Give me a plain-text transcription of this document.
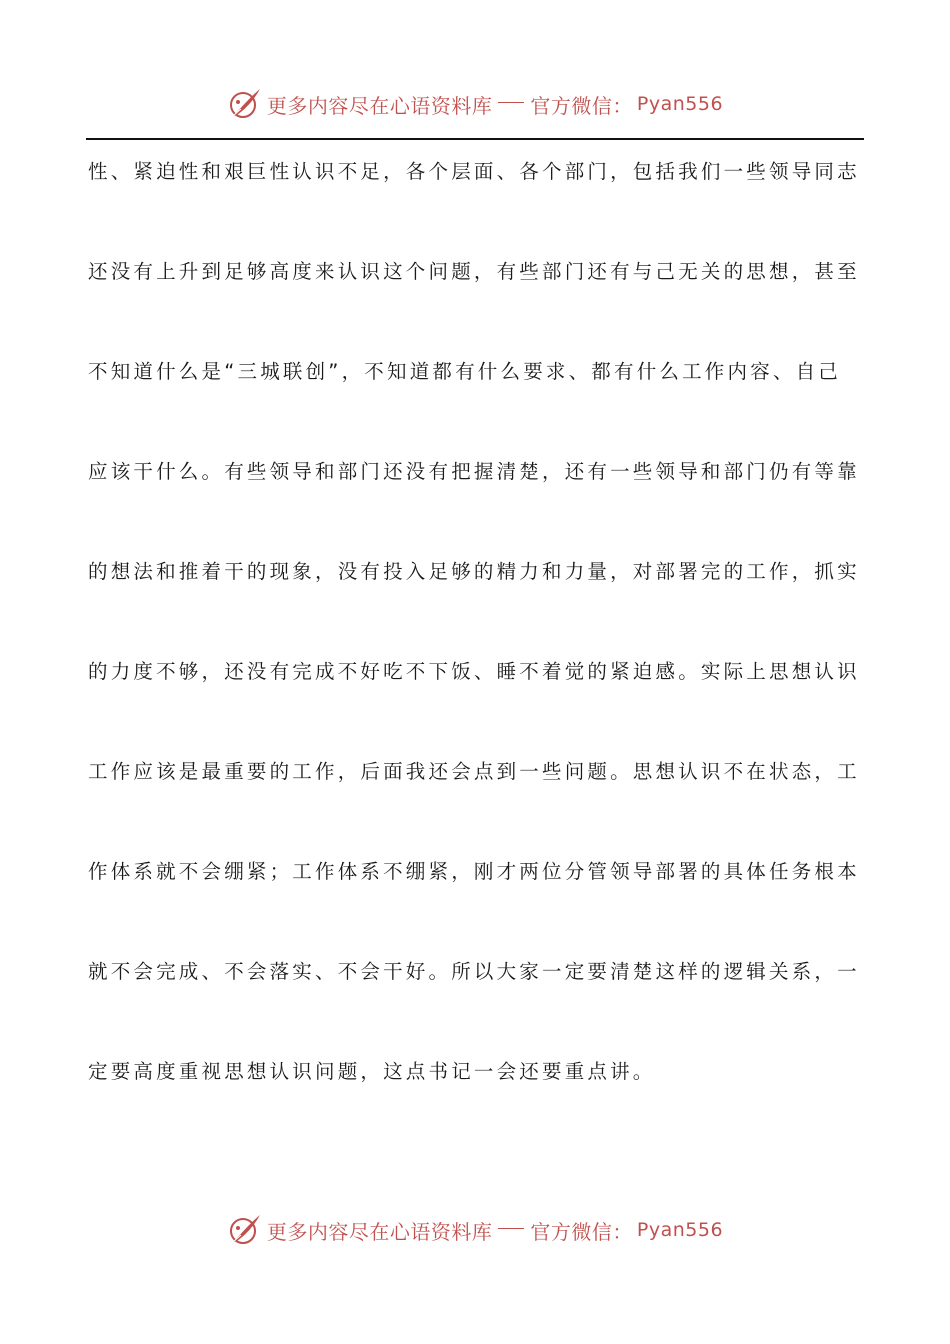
更多内容尽在心语资料库 官方微信： Pyan556
性、紧迫性和艰巨性认识不足，各个层面、各个部门，包括我们一些领导同志
还没有上升到足够高度来认识这个问题，有些部门还有与己无关的思想，甚至
不知道什么是“三城联创”，不知道都有什么要求、都有什么工作内容、自己
应该干什么。有些领导和部门还没有把握清楚，还有一些领导和部门仍有等靠
的想法和推着干的现象，没有投入足够的精力和力量，对部署完的工作，抓实
的力度不够，还没有完成不好吃不下饭、睡不着觉的紧迫感。实际上思想认识
工作应该是最重要的工作，后面我还会点到一些问题。思想认识不在状态，工
作体系就不会绷紧；工作体系不绷紧，刚才两位分管领导部署的具体任务根本
就不会完成、不会落实、不会干好。所以大家一定要清楚这样的逻辑关系，一
定要高度重视思想认识问题，这点书记一会还要重点讲。
更多内容尽在心语资料库 官方微信： Pyan556
